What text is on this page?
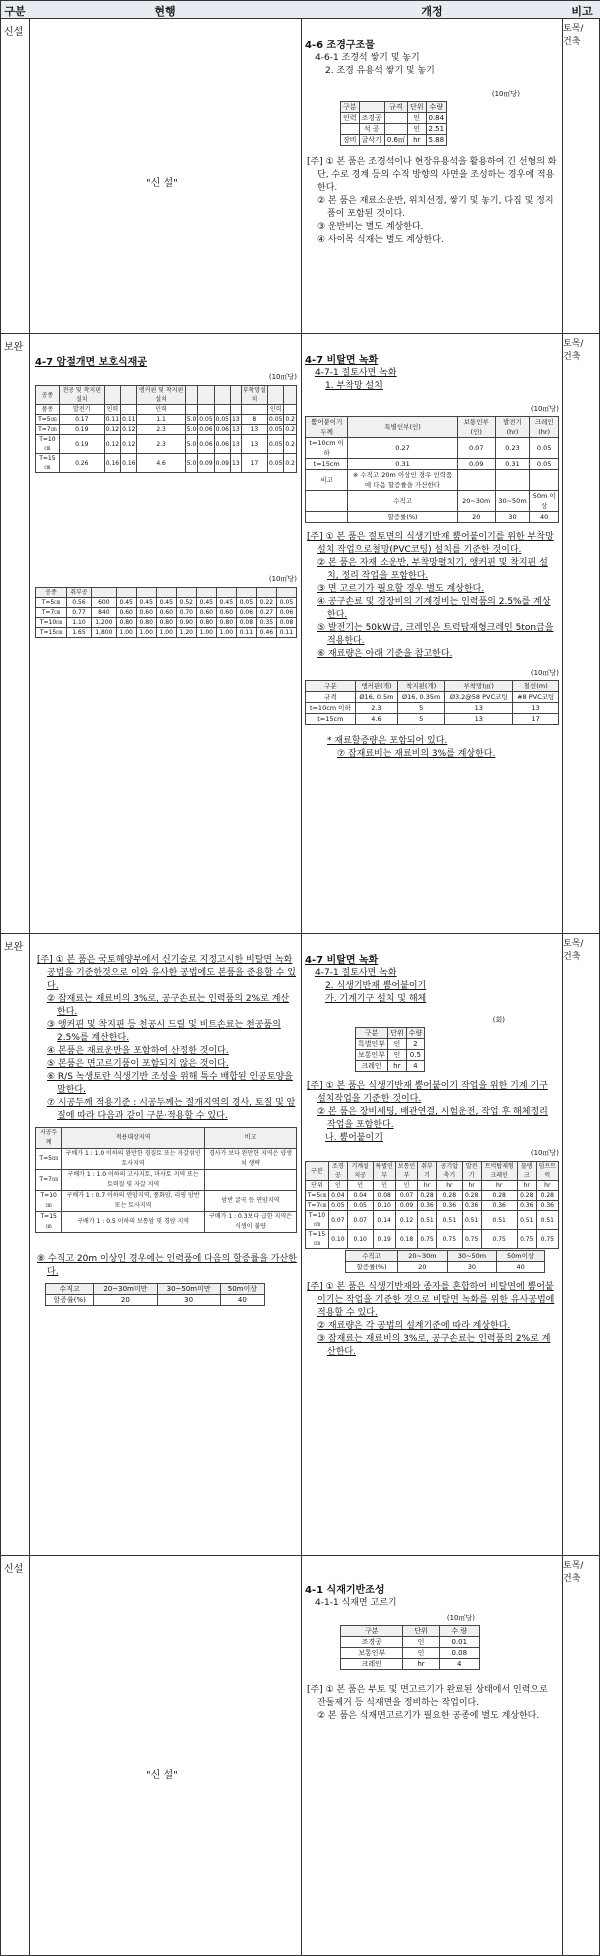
구분	현행	개정	비고
신설	토목/
건축
"신 설"
4-6 조경구조물
4-6-1 조경석 쌓기 및 놓기
2. 조경 유용석 쌓기 및 놓기
(10㎥당)
구분		규격	단위	수량
인력	조경공		인	0.84
	석 공		인	2.51
장비	굴삭기	0.6㎥	hr	5.88
[주] ① 본 품은 조경석이나 현장유용석을 활용하여 긴 선형의 화단, 수로 경계 등의 수직 방향의 사면을 조성하는 경우에 적용한다.
② 본 품은 재료소운반, 위치선정, 쌓기 및 놓기, 다짐 및 정지품이 포함된 것이다.
③ 운반비는 별도 계상한다.
④ 사이목 식재는 별도 계상한다.
보완	토목/
건축
4-7 암절개면 보호식재공
(10㎡당)
공종	천공 및 착지핀 설치			앵커핀 및 착지핀 설치					부착망설치		
품종	발전기	인력		인력						인력	
T=5㎝	0.17	0.11	0.11	1.1	5.0	0.05	0.05	13	8	0.05	0.2
T=7㎝	0.19	0.12	0.12	2.3	5.0	0.06	0.06	13	13	0.05	0.2
T=10㎝	0.19	0.12	0.12	2.3	5.0	0.06	0.06	13	13	0.05	0.2
T=15㎝	0.26	0.16	0.16	4.6	5.0	0.09	0.09	13	17	0.05	0.2
(10㎡당)
공종	취부공										
T=5㎝	0.56	600	0.45	0.45	0.45	0.52	0.45	0.45	0.05	0.22	0.05
T=7㎝	0.77	840	0.60	0.60	0.60	0.70	0.60	0.60	0.06	0.27	0.06
T=10㎝	1.10	1,200	0.80	0.80	0.80	0.90	0.80	0.80	0.08	0.35	0.08
T=15㎝	1.65	1,800	1.00	1.00	1.00	1.20	1.00	1.00	0.11	0.46	0.11
4-7 비탈면 녹화
4-7-1 절토사면 녹화
1. 부착망 설치
(10㎡당)
뿜어붙이기 두께	특별인부(인)	보통인부(인)	발전기(hr)	크레인(hr)
t=10cm 이하	0.27	0.07	0.23	0.05
t=15cm	0.31	0.09	0.31	0.05
비고	※ 수직고 20m 이상인 경우 인력품에 다음 할증률을 가산한다			
	수직고	20~30m	30~50m	50m 이상
	할증률(%)	20	30	40
[주] ① 본 품은 절토면의 식생기반재 뿜어붙이기를 위한 부착망 설치 작업으로철망(PVC코팅) 설치를 기준한 것이다.
② 본 품은 자재 소운반, 부착망펼치기, 앵커핀 및 착지핀 설치, 정리 작업을 포함한다.
③ 면 고르기가 필요할 경우 별도 계상한다.
④ 공구손료 및 경장비의 기계경비는 인력품의 2.5%를 계상한다.
⑤ 발전기는 50kW급, 크레인은 트럭탑재형크레인 5ton급을 적용한다.
⑥ 재료량은 아래 기준을 참고한다.
(10㎡당)
구분	앵커핀(개)	착지핀(개)	부착망(㎡)	철선(m)
규격	Ø16, 0.5m	Ø16, 0.35m	Ø3.2@58 PVC코팅	#8 PVC코팅
t=10cm 이하	2.3	5	13	13
t=15cm	4.6	5	13	17
* 재료할증량은 포함되어 있다.
⑦ 잡재료비는 재료비의 3%를 계상한다.
보완	토목/
건축
[주] ① 본 품은 국토해양부에서 신기술로 지정고시한 비탈면 녹화공법을 기준한것으로 이와 유사한 공법에도 본품을 준용할 수 있다.
② 잡재료는 재료비의 3%로, 공구손료는 인력품의 2%로 계산한다.
③ 앵커핀 및 착지핀 등 천공시 드릴 및 비트손료는 천공품의 2.5%를 계산한다.
④ 본품은 재료운반을 포함하여 산정한 것이다.
⑤ 본품은 면고르기품이 포함되지 않은 것이다.
⑥ R/S 녹생토란 식생기반 조성을 위해 특수 배합된 인공토양을 말한다.
⑦ 시공두께 적용기준 : 시공두께는 절개지역의 경사, 토질 및 암질에 따라 다음과 같이 구분·적용할 수 있다.
시공두께	적용대상지역	비고
T=5㎝	구배가 1 : 1.0 이하의 완만한 경질토 또는 자갈섞인 토사지역	경사가 보다 완만한 지역은 양생치 생략
T=7㎝	구배가 1 : 1.0 이하의 고사지토, 마사토 지역 또는 토력질 및 자갈 지역	
T=10㎝	구배가 1 : 0.7 이하의 연암지역, 풍화암, 리핑 암반 또는 토사지역	암반 굴곡 등 연암지역
T=15㎝	구배가 1 : 0.5 이하의 보통암 및 경암 지역	구배가 1 : 0.3보다 급한 지역은 식생이 불량
⑧ 수직고 20m 이상인 경우에는 인력품에 다음의 할증률을 가산한다.
수직고	20~30m미만	30~50m미만	50m이상
할증률(%)	20	30	40
4-7 비탈면 녹화
4-7-1 절토사면 녹화
2. 식생기반재 뿜어붙이기
가. 기계기구 설치 및 해체
(회)
구분	단위	수량
특별인부	인	2
보통인부	인	0.5
크레인	hr	4
[주] ① 본 품은 식생기반재 뿜어붙이기 작업을 위한 기계 기구 설치작업을 기준한 것이다.
② 본 품은 장비세팅, 배관연결, 시험운전, 작업 후 해체정리 작업을 포함한다.
나. 뿜어붙이기
(10㎡당)
구분	조경공	기계설치공	특별인부	보통인부	취부기	공기압축기	발전기	트럭탑재형크레인	물탱크	덤프트럭
단위	인	인	인	인	hr	hr	hr	hr	hr	hr
T=5㎝	0.04	0.04	0.08	0.07	0.28	0.28	0.28	0.28	0.28	0.28
T=7㎝	0.05	0.05	0.10	0.09	0.36	0.36	0.36	0.36	0.36	0.36
T=10㎝	0.07	0.07	0.14	0.12	0.51	0.51	0.51	0.51	0.51	0.51
T=15㎝	0.10	0.10	0.19	0.18	0.75	0.75	0.75	0.75	0.75	0.75
수직고	20~30m	30~50m	50m이상
할증률(%)	20	30	40
[주] ① 본 품은 식생기반재와 종자를 혼합하여 비탈면에 뿜어붙이기는 작업을 기준한 것으로 비탈면 녹화를 위한 유사공법에 적용할 수 있다.
② 재료량은 각 공법의 설계기준에 따라 계상한다.
③ 잡재료는 재료비의 3%로, 공구손료는 인력품의 2%로 계산한다.
신설	토목/
건축
"신 설"
4-1 식재기반조성
4-1-1 식재면 고르기
(10㎡당)
구분	단위	수 량
조경공	인	0.01
보통인부	인	0.08
크레인	hr	4
[주] ① 본 품은 부토 및 면고르기가 완료된 상태에서 인력으로 잔돌제거 등 식재면을 정비하는 작업이다.
② 본 품은 식재면고르기가 필요한 공종에 별도 계상한다.
